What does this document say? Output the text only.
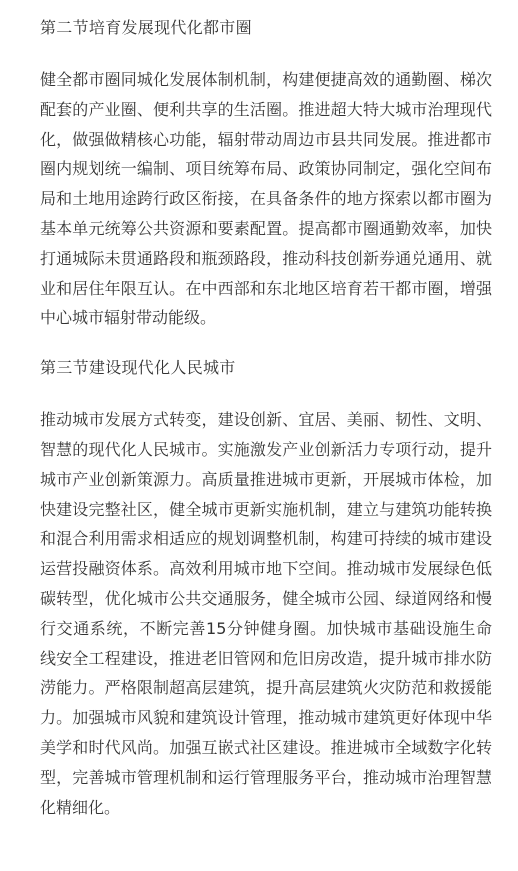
第二节培育发展现代化都市圈

健全都市圈同城化发展体制机制，构建便捷高效的通勤圈、梯次配套的产业圈、便利共享的生活圈。推进超大特大城市治理现代化，做强做精核心功能，辐射带动周边市县共同发展。推进都市圈内规划统一编制、项目统筹布局、政策协同制定，强化空间布局和土地用途跨行政区衔接，在具备条件的地方探索以都市圈为基本单元统筹公共资源和要素配置。提高都市圈通勤效率，加快打通城际未贯通路段和瓶颈路段，推动科技创新券通兑通用、就业和居住年限互认。在中西部和东北地区培育若干都市圈，增强中心城市辐射带动能级。

第三节建设现代化人民城市

推动城市发展方式转变，建设创新、宜居、美丽、韧性、文明、智慧的现代化人民城市。实施激发产业创新活力专项行动，提升城市产业创新策源力。高质量推进城市更新，开展城市体检，加快建设完整社区，健全城市更新实施机制，建立与建筑功能转换和混合利用需求相适应的规划调整机制，构建可持续的城市建设运营投融资体系。高效利用城市地下空间。推动城市发展绿色低碳转型，优化城市公共交通服务，健全城市公园、绿道网络和慢行交通系统，不断完善15分钟健身圈。加快城市基础设施生命线安全工程建设，推进老旧管网和危旧房改造，提升城市排水防涝能力。严格限制超高层建筑，提升高层建筑火灾防范和救援能力。加强城市风貌和建筑设计管理，推动城市建筑更好体现中华美学和时代风尚。加强互嵌式社区建设。推进城市全域数字化转型，完善城市管理机制和运行管理服务平台，推动城市治理智慧化精细化。
